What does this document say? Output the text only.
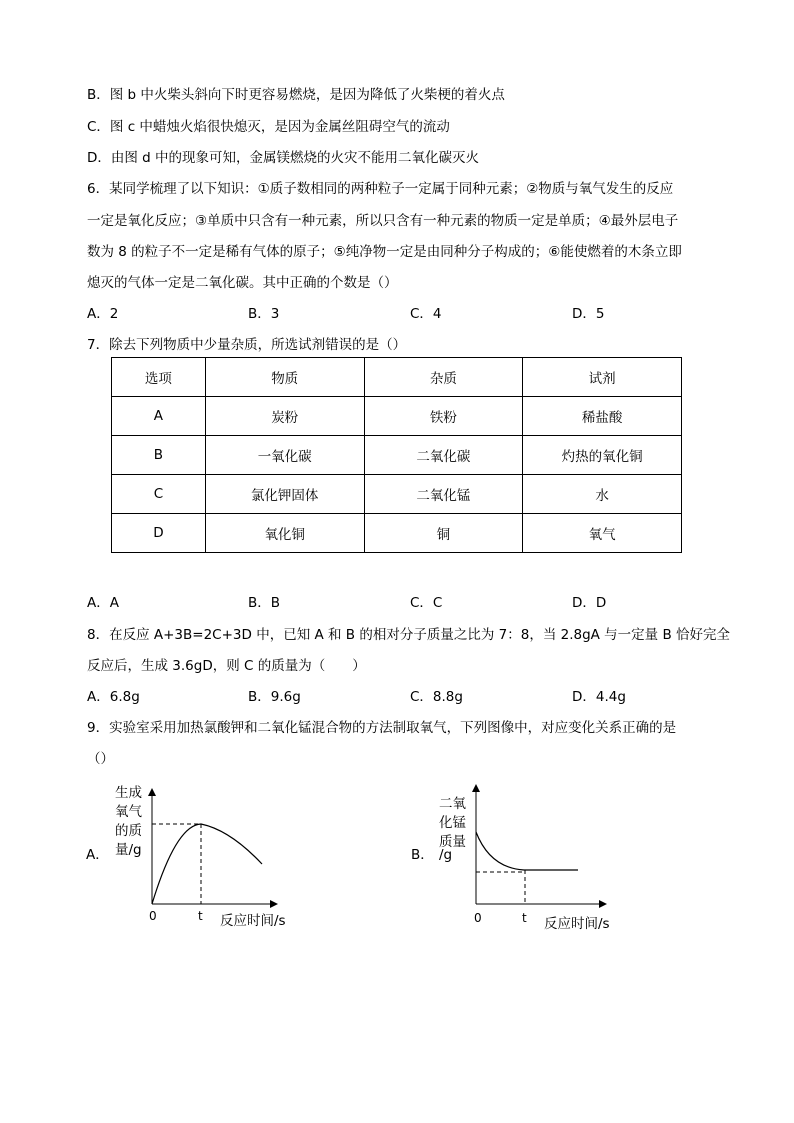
B．图 b 中火柴头斜向下时更容易燃烧，是因为降低了火柴梗的着火点
C．图 c 中蜡烛火焰很快熄灭，是因为金属丝阻碍空气的流动
D．由图 d 中的现象可知，金属镁燃烧的火灾不能用二氧化碳灭火
6．某同学梳理了以下知识：①质子数相同的两种粒子一定属于同种元素；②物质与氧气发生的反应
一定是氧化反应；③单质中只含有一种元素，所以只含有一种元素的物质一定是单质；④最外层电子
数为 8 的粒子不一定是稀有气体的原子；⑤纯净物一定是由同种分子构成的；⑥能使燃着的木条立即
熄灭的气体一定是二氧化碳。其中正确的个数是（）
A．2	B．3	C．4	D．5
7．除去下列物质中少量杂质，所选试剂错误的是（）
选项	物质	杂质	试剂
A	炭粉	铁粉	稀盐酸
B	一氧化碳	二氧化碳	灼热的氧化铜
C	氯化钾固体	二氧化锰	水
D	氧化铜	铜	氧气
A．A	B．B	C．C	D．D
8．在反应 A+3B=2C+3D 中，已知 A 和 B 的相对分子质量之比为 7：8，当 2.8gA 与一定量 B 恰好完全
反应后，生成 3.6gD，则 C 的质量为（　　）
A．6.8g	B．9.6g	C．8.8g	D．4.4g
9．实验室采用加热氯酸钾和二氧化锰混合物的方法制取氧气，下列图像中，对应变化关系正确的是
（）
A．
生成
氧气
的质
量/g
0	t 反应时间/s
B．
二氧
化锰
质量
/g
0	t 反应时间/s
